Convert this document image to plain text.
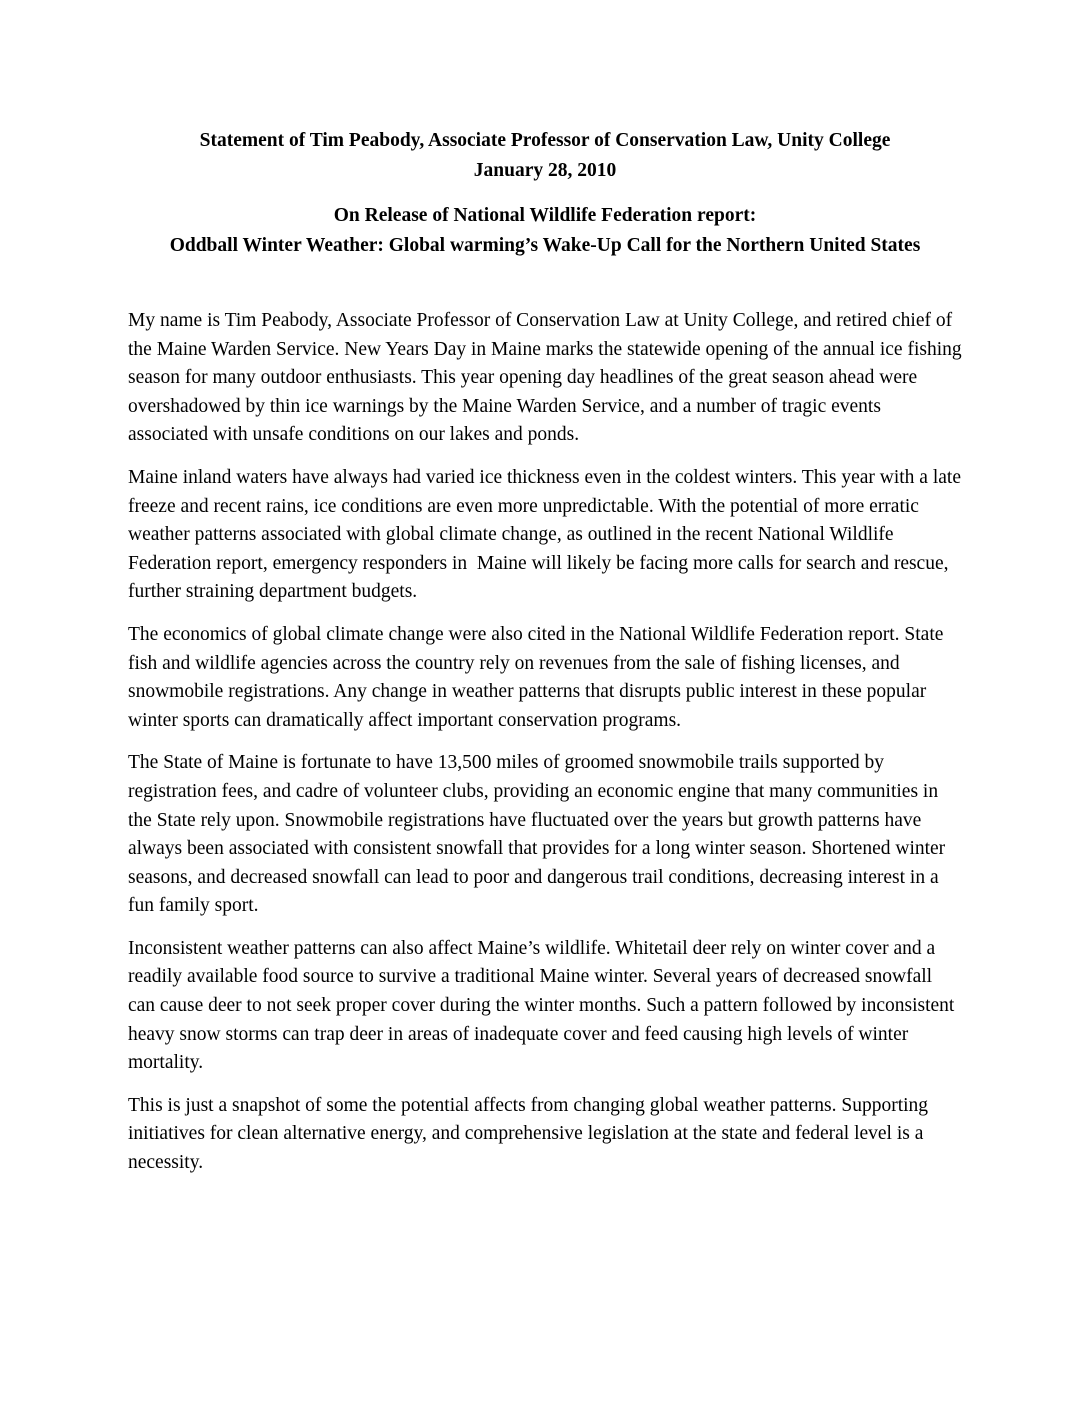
Statement of Tim Peabody, Associate Professor of Conservation Law, Unity College
January 28, 2010
On Release of National Wildlife Federation report:
Oddball Winter Weather: Global warming’s Wake-Up Call for the Northern United States

My name is Tim Peabody, Associate Professor of Conservation Law at Unity College, and retired chief of the Maine Warden Service. New Years Day in Maine marks the statewide opening of the annual ice fishing season for many outdoor enthusiasts. This year opening day headlines of the great season ahead were overshadowed by thin ice warnings by the Maine Warden Service, and a number of tragic events associated with unsafe conditions on our lakes and ponds.

Maine inland waters have always had varied ice thickness even in the coldest winters. This year with a late freeze and recent rains, ice conditions are even more unpredictable. With the potential of more erratic weather patterns associated with global climate change, as outlined in the recent National Wildlife Federation report, emergency responders in  Maine will likely be facing more calls for search and rescue, further straining department budgets.

The economics of global climate change were also cited in the National Wildlife Federation report. State fish and wildlife agencies across the country rely on revenues from the sale of fishing licenses, and snowmobile registrations. Any change in weather patterns that disrupts public interest in these popular winter sports can dramatically affect important conservation programs.

The State of Maine is fortunate to have 13,500 miles of groomed snowmobile trails supported by registration fees, and cadre of volunteer clubs, providing an economic engine that many communities in the State rely upon. Snowmobile registrations have fluctuated over the years but growth patterns have always been associated with consistent snowfall that provides for a long winter season. Shortened winter seasons, and decreased snowfall can lead to poor and dangerous trail conditions, decreasing interest in a fun family sport.

Inconsistent weather patterns can also affect Maine’s wildlife. Whitetail deer rely on winter cover and a readily available food source to survive a traditional Maine winter. Several years of decreased snowfall can cause deer to not seek proper cover during the winter months. Such a pattern followed by inconsistent heavy snow storms can trap deer in areas of inadequate cover and feed causing high levels of winter mortality.

This is just a snapshot of some the potential affects from changing global weather patterns. Supporting initiatives for clean alternative energy, and comprehensive legislation at the state and federal level is a necessity.
